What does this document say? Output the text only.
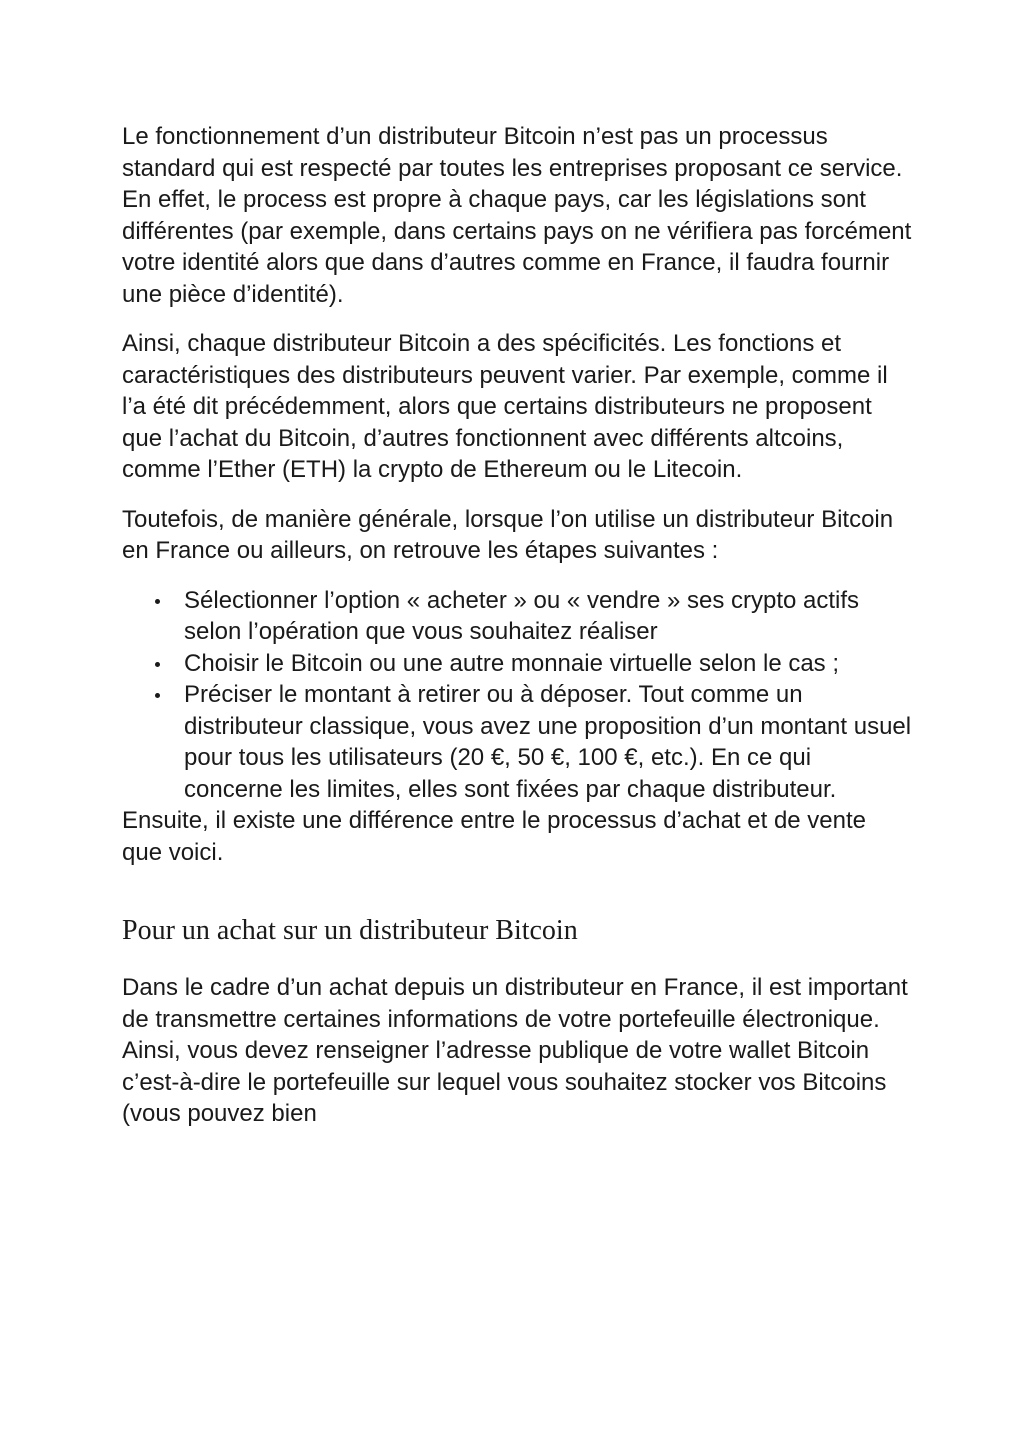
Le fonctionnement d’un distributeur Bitcoin n’est pas un processus standard qui est respecté par toutes les entreprises proposant ce service. En effet, le process est propre à chaque pays, car les législations sont différentes (par exemple, dans certains pays on ne vérifiera pas forcément votre identité alors que dans d’autres comme en France, il faudra fournir une pièce d’identité).

Ainsi, chaque distributeur Bitcoin a des spécificités. Les fonctions et caractéristiques des distributeurs peuvent varier. Par exemple, comme il l’a été dit précédemment, alors que certains distributeurs ne proposent que l’achat du Bitcoin, d’autres fonctionnent avec différents altcoins, comme l’Ether (ETH) la crypto de Ethereum ou le Litecoin.

Toutefois, de manière générale, lorsque l’on utilise un distributeur Bitcoin en France ou ailleurs, on retrouve les étapes suivantes :

Sélectionner l’option « acheter » ou « vendre » ses crypto actifs selon l’opération que vous souhaitez réaliser
Choisir le Bitcoin ou une autre monnaie virtuelle selon le cas ;
Préciser le montant à retirer ou à déposer. Tout comme un distributeur classique, vous avez une proposition d’un montant usuel pour tous les utilisateurs (20 €, 50 €, 100 €, etc.). En ce qui concerne les limites, elles sont fixées par chaque distributeur.

Ensuite, il existe une différence entre le processus d’achat et de vente que voici.

Pour un achat sur un distributeur Bitcoin

Dans le cadre d’un achat depuis un distributeur en France, il est important de transmettre certaines informations de votre portefeuille électronique. Ainsi, vous devez renseigner l’adresse publique de votre wallet Bitcoin c’est-à-dire le portefeuille sur lequel vous souhaitez stocker vos Bitcoins (vous pouvez bien
